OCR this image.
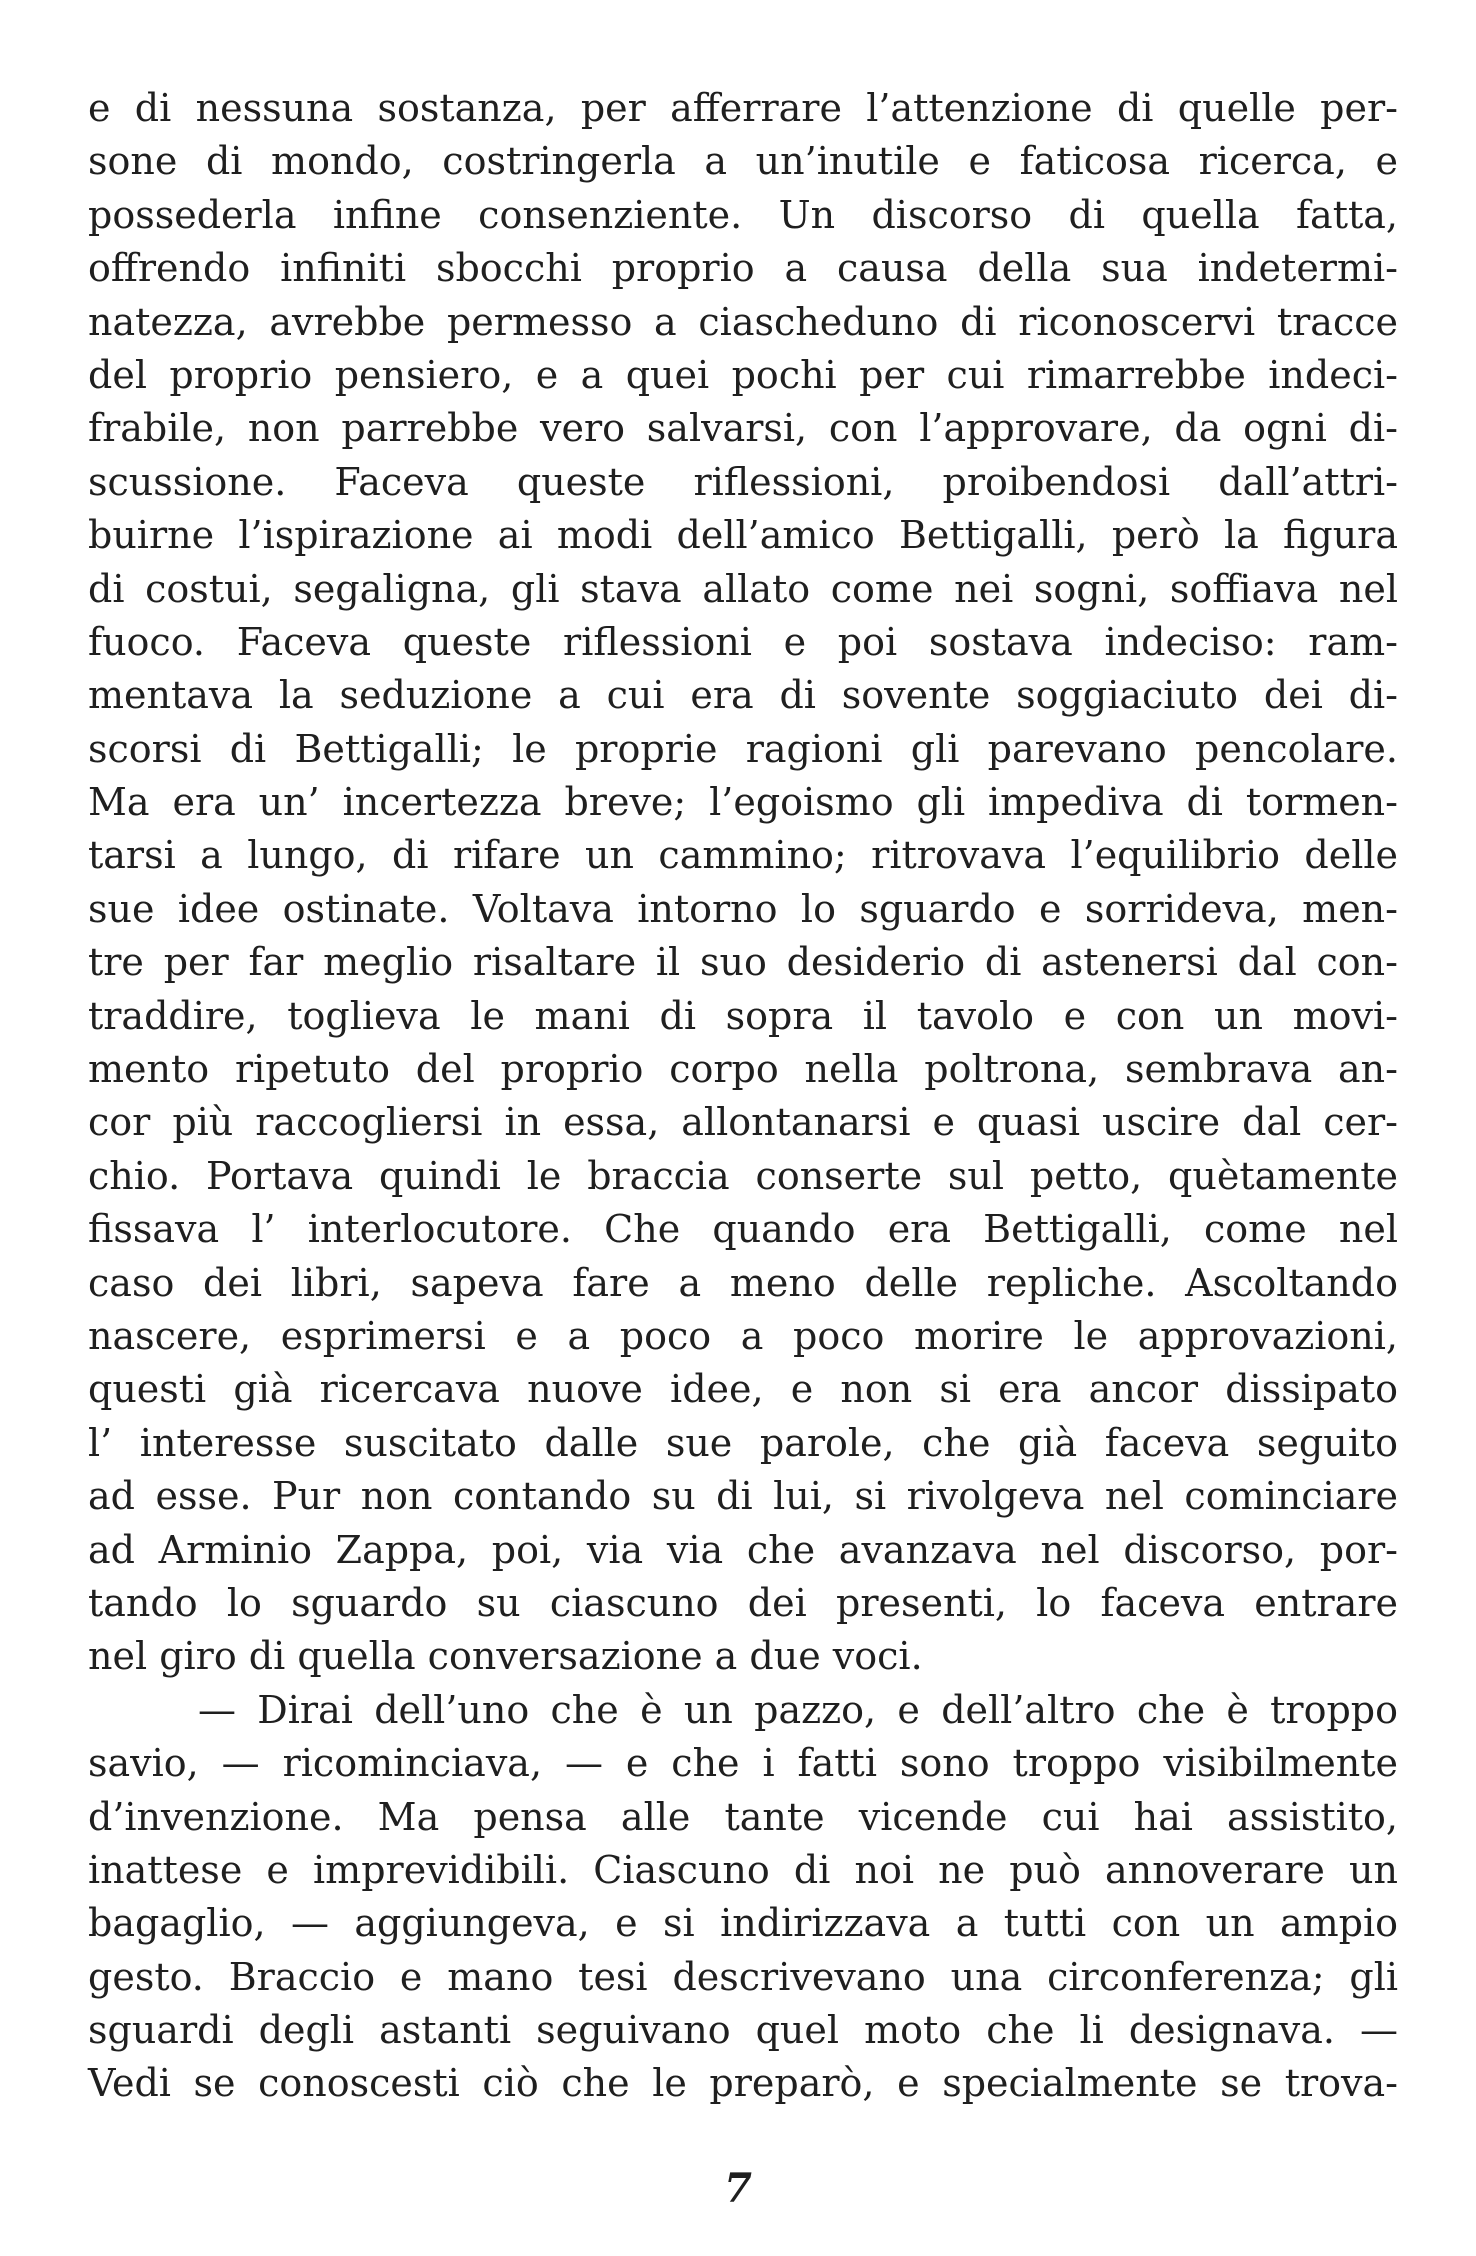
e di nessuna sostanza, per afferrare l’attenzione di quelle per-
sone di mondo, costringerla a un’inutile e faticosa ricerca, e
possederla infine consenziente. Un discorso di quella fatta,
offrendo infiniti sbocchi proprio a causa della sua indetermi-
natezza, avrebbe permesso a ciascheduno di riconoscervi tracce
del proprio pensiero, e a quei pochi per cui rimarrebbe indeci-
frabile, non parrebbe vero salvarsi, con l’approvare, da ogni di-
scussione. Faceva queste riflessioni, proibendosi dall’attri-
buirne l’ispirazione ai modi dell’amico Bettigalli, però la figura
di costui, segaligna, gli stava allato come nei sogni, soffiava nel
fuoco. Faceva queste riflessioni e poi sostava indeciso: ram-
mentava la seduzione a cui era di sovente soggiaciuto dei di-
scorsi di Bettigalli; le proprie ragioni gli parevano pencolare.
Ma era un’ incertezza breve; l’egoismo gli impediva di tormen-
tarsi a lungo, di rifare un cammino; ritrovava l’equilibrio delle
sue idee ostinate. Voltava intorno lo sguardo e sorrideva, men-
tre per far meglio risaltare il suo desiderio di astenersi dal con-
traddire, toglieva le mani di sopra il tavolo e con un movi-
mento ripetuto del proprio corpo nella poltrona, sembrava an-
cor più raccogliersi in essa, allontanarsi e quasi uscire dal cer-
chio. Portava quindi le braccia conserte sul petto, quètamente
fissava l’ interlocutore. Che quando era Bettigalli, come nel
caso dei libri, sapeva fare a meno delle repliche. Ascoltando
nascere, esprimersi e a poco a poco morire le approvazioni,
questi già ricercava nuove idee, e non si era ancor dissipato
l’ interesse suscitato dalle sue parole, che già faceva seguito
ad esse. Pur non contando su di lui, si rivolgeva nel cominciare
ad Arminio Zappa, poi, via via che avanzava nel discorso, por-
tando lo sguardo su ciascuno dei presenti, lo faceva entrare
nel giro di quella conversazione a due voci.
— Dirai dell’uno che è un pazzo, e dell’altro che è troppo
savio, — ricominciava, — e che i fatti sono troppo visibilmente
d’invenzione. Ma pensa alle tante vicende cui hai assistito,
inattese e imprevidibili. Ciascuno di noi ne può annoverare un
bagaglio, — aggiungeva, e si indirizzava a tutti con un ampio
gesto. Braccio e mano tesi descrivevano una circonferenza; gli
sguardi degli astanti seguivano quel moto che li designava. —
Vedi se conoscesti ciò che le preparò, e specialmente se trova-
7
